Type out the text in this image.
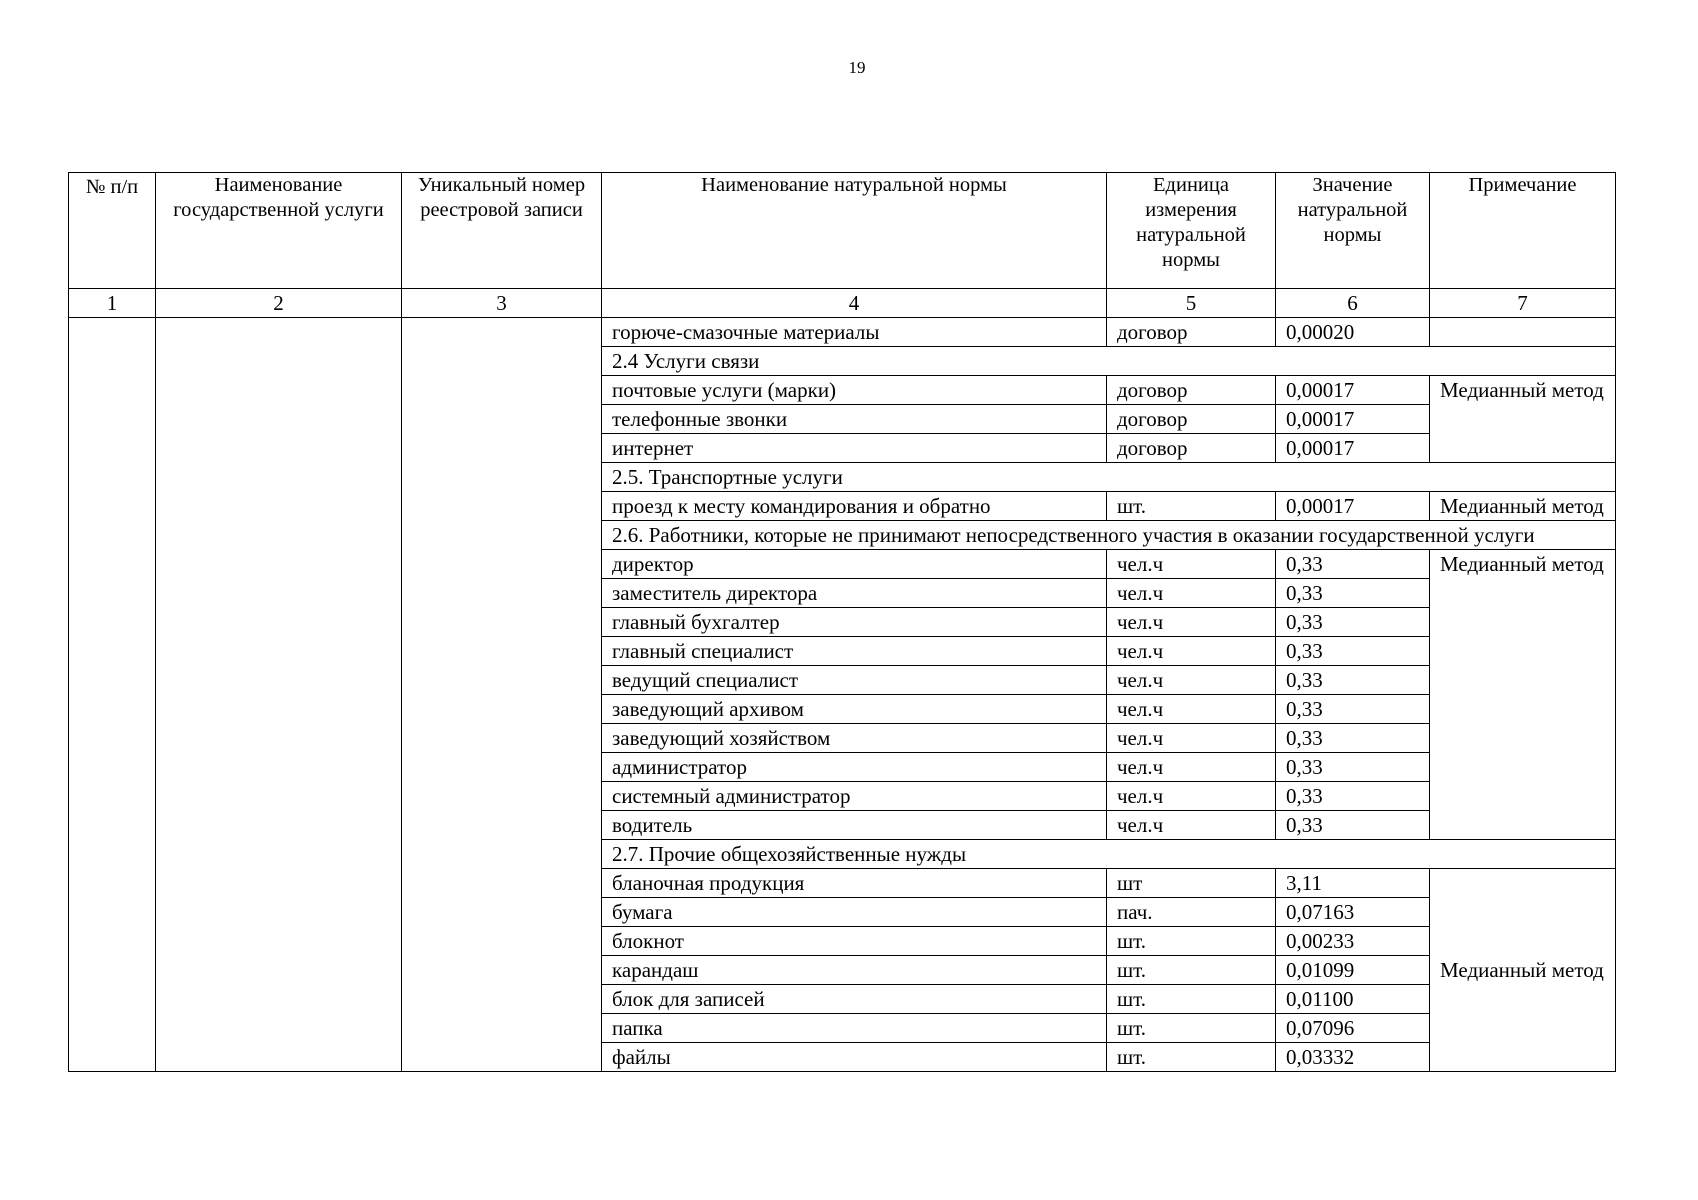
19
№ п/п	Наименование государственной услуги	Уникальный номер реестровой записи	Наименование натуральной нормы	Единица измерения натуральной нормы	Значение натуральной нормы	Примечание
1	2	3	4	5	6	7
			горюче-смазочные материалы	договор	0,00020	
			2.4 Услуги связи			
			почтовые услуги (марки)	договор	0,00017	Медианный метод
			телефонные звонки	договор	0,00017	
			интернет	договор	0,00017	
			2.5. Транспортные услуги			
			проезд к месту командирования и обратно	шт.	0,00017	Медианный метод
			2.6. Работники, которые не принимают непосредственного участия в оказании государственной услуги			
			директор	чел.ч	0,33	Медианный метод
			заместитель директора	чел.ч	0,33	
			главный бухгалтер	чел.ч	0,33	
			главный специалист	чел.ч	0,33	
			ведущий специалист	чел.ч	0,33	
			заведующий архивом	чел.ч	0,33	
			заведующий хозяйством	чел.ч	0,33	
			администратор	чел.ч	0,33	
			системный администратор	чел.ч	0,33	
			водитель	чел.ч	0,33	
			2.7. Прочие общехозяйственные нужды			
			бланочная продукция	шт	3,11	Медианный метод
			бумага	пач.	0,07163	
			блокнот	шт.	0,00233	
			карандаш	шт.	0,01099	
			блок для записей	шт.	0,01100	
			папка	шт.	0,07096	
			файлы	шт.	0,03332	
